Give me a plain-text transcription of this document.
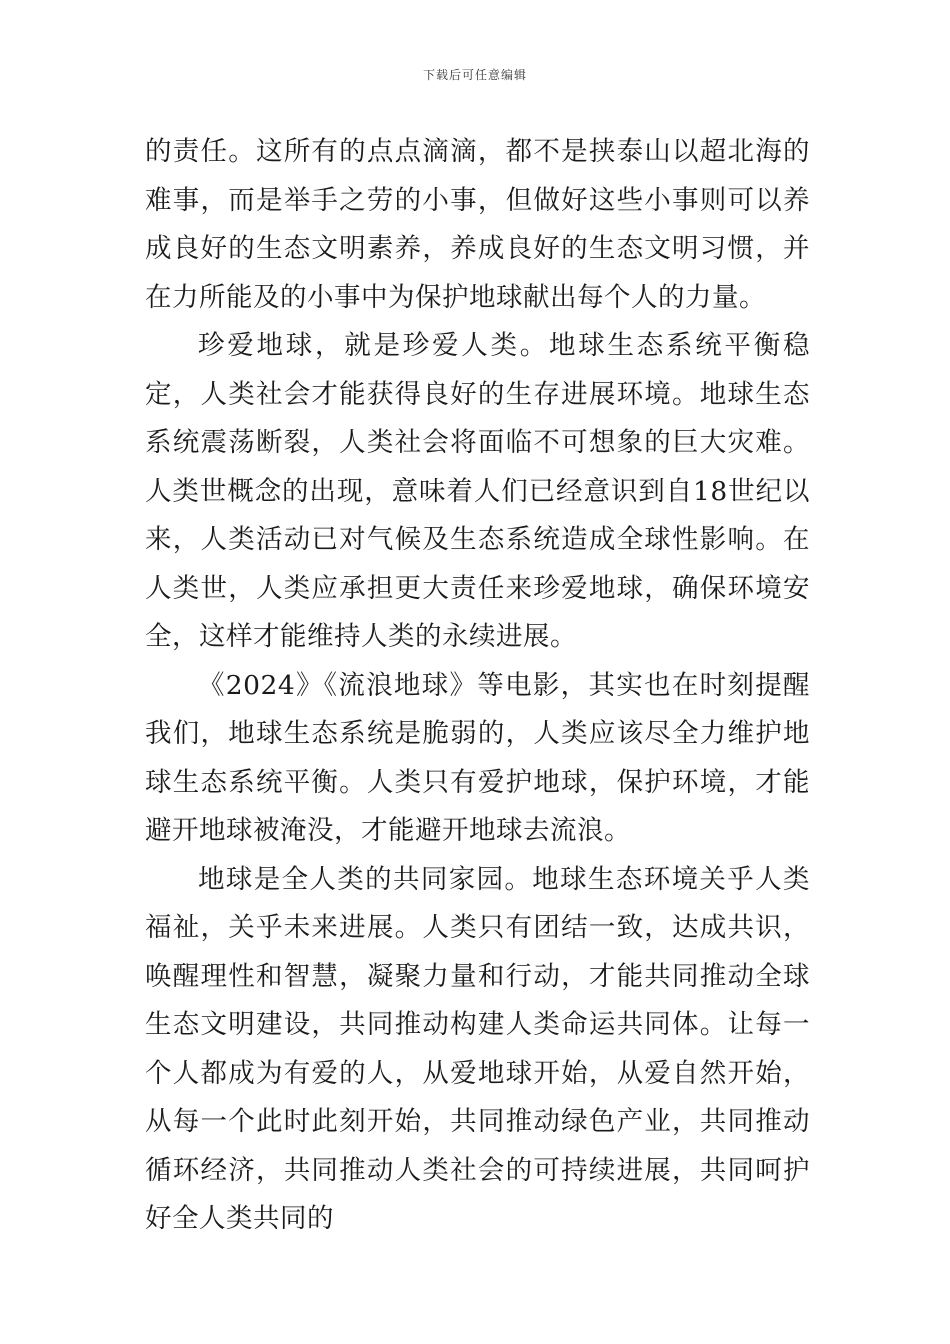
下载后可任意编辑

的责任。这所有的点点滴滴，都不是挟泰山以超北海的难事，而是举手之劳的小事，但做好这些小事则可以养成良好的生态文明素养，养成良好的生态文明习惯，并在力所能及的小事中为保护地球献出每个人的力量。

珍爱地球，就是珍爱人类。地球生态系统平衡稳定，人类社会才能获得良好的生存进展环境。地球生态系统震荡断裂，人类社会将面临不可想象的巨大灾难。人类世概念的出现，意味着人们已经意识到自18世纪以来，人类活动已对气候及生态系统造成全球性影响。在人类世，人类应承担更大责任来珍爱地球，确保环境安全，这样才能维持人类的永续进展。

《2024》《流浪地球》等电影，其实也在时刻提醒我们，地球生态系统是脆弱的，人类应该尽全力维护地球生态系统平衡。人类只有爱护地球，保护环境，才能避开地球被淹没，才能避开地球去流浪。

地球是全人类的共同家园。地球生态环境关乎人类福祉，关乎未来进展。人类只有团结一致，达成共识，唤醒理性和智慧，凝聚力量和行动，才能共同推动全球生态文明建设，共同推动构建人类命运共同体。让每一个人都成为有爱的人，从爱地球开始，从爱自然开始，从每一个此时此刻开始，共同推动绿色产业，共同推动循环经济，共同推动人类社会的可持续进展，共同呵护好全人类共同的
